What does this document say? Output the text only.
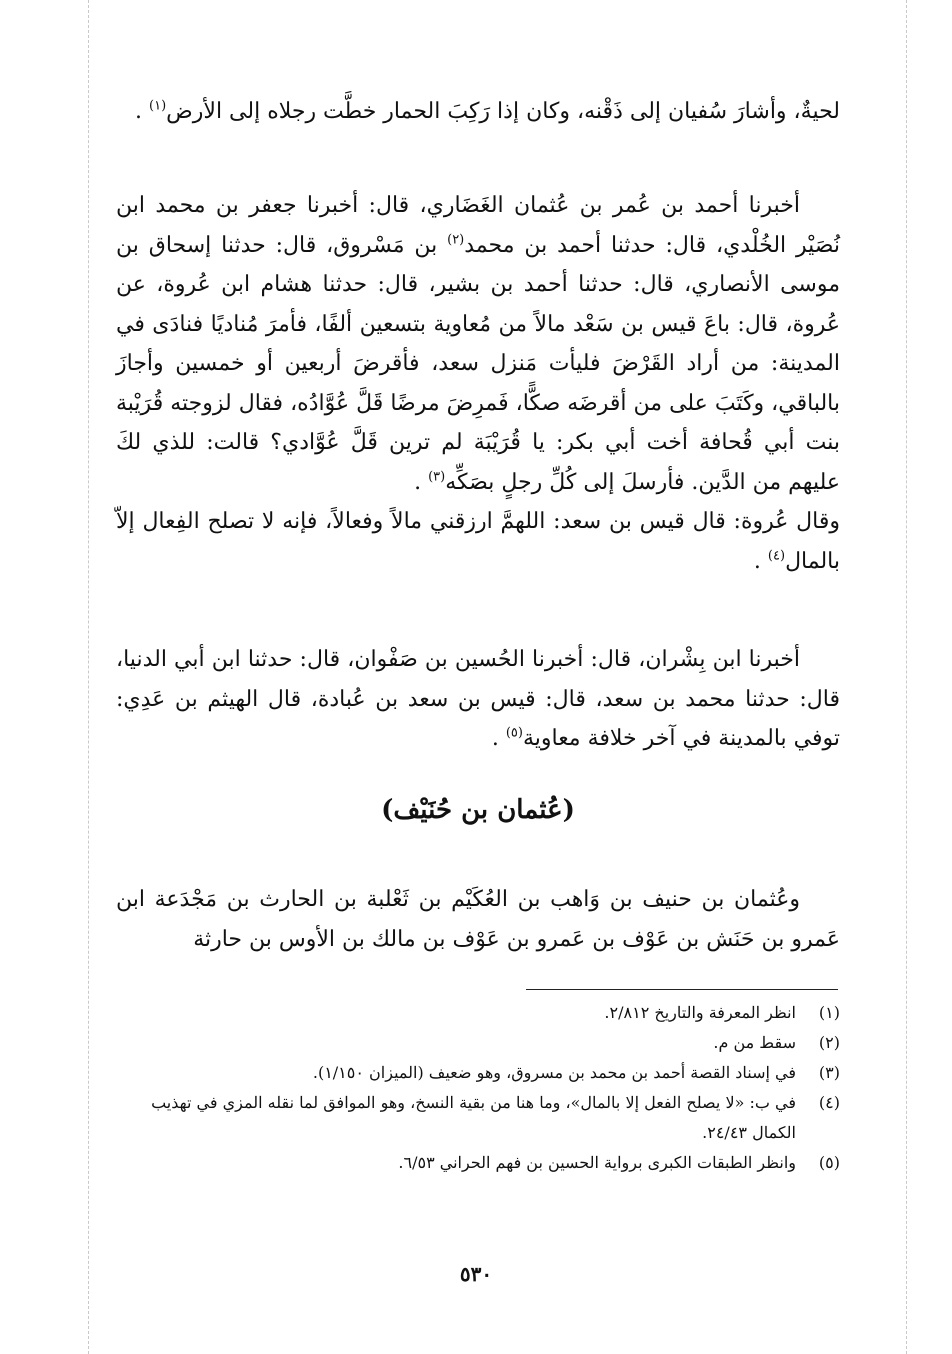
لحيةٌ، وأشارَ سُفيان إلى ذَقْنه، وكان إذا رَكِبَ الحمار خطَّت رجلاه إلى الأرض$^{(١)}$ .

أخبرنا أحمد بن عُمر بن عُثمان الغَضَاري، قال: أخبرنا جعفر بن محمد ابن نُصَيْر الخُلْدي، قال: حدثنا أحمد بن محمد$^{(٢)}$ بن مَسْروق، قال: حدثنا إسحاق بن موسى الأنصاري، قال: حدثنا أحمد بن بشير، قال: حدثنا هشام ابن عُروة، عن عُروة، قال: باعَ قيس بن سَعْد مالاً من مُعاوية بتسعين ألفًا، فأمرَ مُناديًا فنادَى في المدينة: من أراد القَرْضَ فليأت مَنزل سعد، فأقرضَ أربعين أو خمسين وأجازَ بالباقي، وكَتَبَ على من أقرضَه صكًّا، فَمرِضَ مرضًا قَلَّ عُوَّادُه، فقال لزوجته قُرَيْبة بنت أبي قُحافة أخت أبي بكر: يا قُرَيْبَة لم ترين قَلَّ عُوَّادي؟ قالت: للذي لكَ عليهم من الدَّين. فأرسلَ إلى كُلِّ رجلٍ بصَكِّه$^{(٣)}$ .

وقال عُروة: قال قيس بن سعد: اللهمَّ ارزقني مالاً وفعالاً، فإنه لا تصلح الفِعال إلاّ بالمال$^{(٤)}$ .

أخبرنا ابن بِشْران، قال: أخبرنا الحُسين بن صَفْوان، قال: حدثنا ابن أبي الدنيا، قال: حدثنا محمد بن سعد، قال: قيس بن سعد بن عُبادة، قال الهيثم بن عَدِي: توفي بالمدينة في آخر خلافة معاوية$^{(٥)}$ .

(عُثمان بن حُنَيْف)

وعُثمان بن حنيف بن وَاهب بن العُكَيْم بن ثَعْلبة بن الحارث بن مَجْدَعة ابن عَمرو بن حَنَش بن عَوْف بن عَمرو بن عَوْف بن مالك بن الأوس بن حارثة

(١)
انظر المعرفة والتاريخ ٢/٨١٢.
(٢)
سقط من م.
(٣)
في إسناد القصة أحمد بن محمد بن مسروق، وهو ضعيف (الميزان ١/١٥٠).
(٤)
في ب: «لا يصلح الفعل إلا بالمال»، وما هنا من بقية النسخ، وهو الموافق لما نقله المزي في تهذيب الكمال ٢٤/٤٣.
(٥)
وانظر الطبقات الكبرى برواية الحسين بن فهم الحراني ٦/٥٣.
٥٣٠
